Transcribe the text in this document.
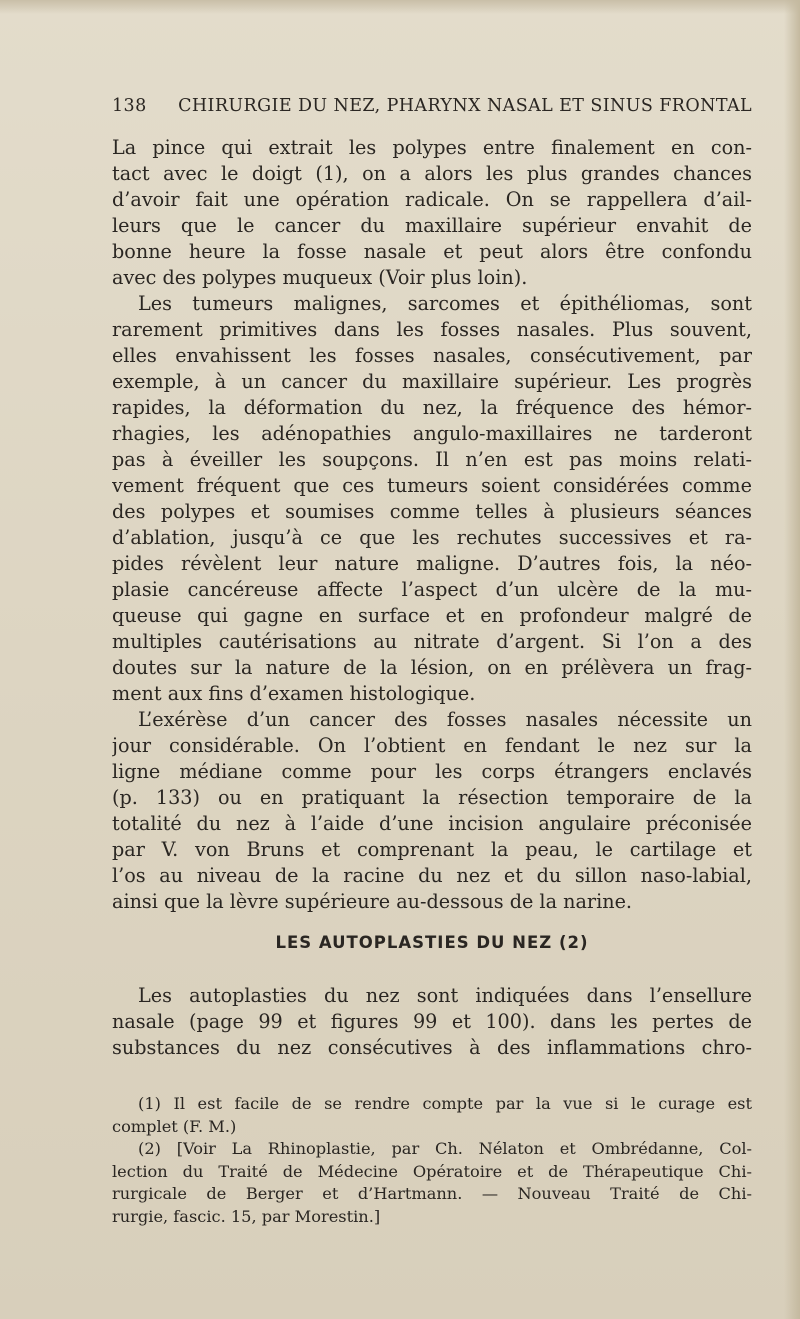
138 CHIRURGIE DU NEZ, PHARYNX NASAL ET SINUS FRONTAL
La pince qui extrait les polypes entre finalement en con-
tact avec le doigt (1), on a alors les plus grandes chances
d’avoir fait une opération radicale. On se rappellera d’ail-
leurs que le cancer du maxillaire supérieur envahit de
bonne heure la fosse nasale et peut alors être confondu
avec des polypes muqueux (Voir plus loin).
Les tumeurs malignes, sarcomes et épithéliomas, sont
rarement primitives dans les fosses nasales. Plus souvent,
elles envahissent les fosses nasales, consécutivement, par
exemple, à un cancer du maxillaire supérieur. Les progrès
rapides, la déformation du nez, la fréquence des hémor-
rhagies, les adénopathies angulo-maxillaires ne tarderont
pas à éveiller les soupçons. Il n’en est pas moins relati-
vement fréquent que ces tumeurs soient considérées comme
des polypes et soumises comme telles à plusieurs séances
d’ablation, jusqu’à ce que les rechutes successives et ra-
pides révèlent leur nature maligne. D’autres fois, la néo-
plasie cancéreuse affecte l’aspect d’un ulcère de la mu-
queuse qui gagne en surface et en profondeur malgré de
multiples cautérisations au nitrate d’argent. Si l’on a des
doutes sur la nature de la lésion, on en prélèvera un frag-
ment aux fins d’examen histologique.
L’exérèse d’un cancer des fosses nasales nécessite un
jour considérable. On l’obtient en fendant le nez sur la
ligne médiane comme pour les corps étrangers enclavés
(p. 133) ou en pratiquant la résection temporaire de la
totalité du nez à l’aide d’une incision angulaire préconisée
par V. von Bruns et comprenant la peau, le cartilage et
l’os au niveau de la racine du nez et du sillon naso-labial,
ainsi que la lèvre supérieure au-dessous de la narine.
LES AUTOPLASTIES DU NEZ (2)
Les autoplasties du nez sont indiquées dans l’ensellure
nasale (page 99 et figures 99 et 100). dans les pertes de
substances du nez consécutives à des inflammations chro-
(1) Il est facile de se rendre compte par la vue si le curage est
complet (F. M.)
(2) [Voir La Rhinoplastie, par Ch. Nélaton et Ombrédanne, Col-
lection du Traité de Médecine Opératoire et de Thérapeutique Chi-
rurgicale de Berger et d’Hartmann. — Nouveau Traité de Chi-
rurgie, fascic. 15, par Morestin.]
